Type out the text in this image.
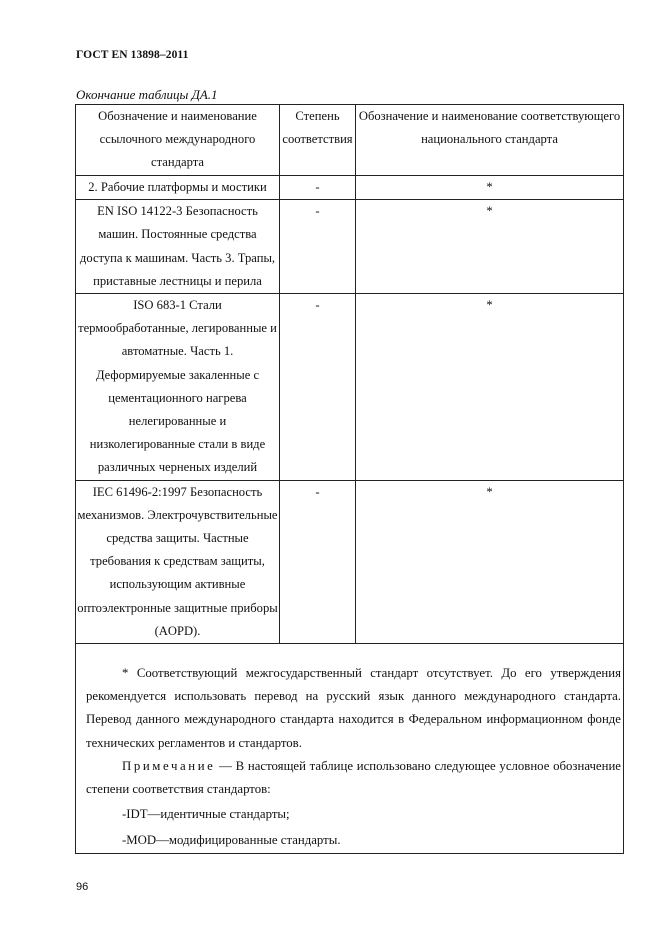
ГОСТ EN 13898–2011
Окончание таблицы ДА.1
Обозначение и наименование ссылочного международного стандарта	Степень соответствия	Обозначение и наименование соответствующего национального стандарта
2. Рабочие платформы и мостики	-	*
EN ISO 14122-3 Безопасность машин. Постоянные средства доступа к машинам. Часть 3. Трапы, приставные лестницы и перила	-	*
ISO 683-1 Стали термообработанные, легированные и автоматные. Часть 1. Деформируемые закаленные с цементационного нагрева нелегированные и низколегированные стали в виде различных черненых изделий	-	*
IEC 61496-2:1997 Безопасность механизмов. Электрочувствительные средства защиты. Частные требования к средствам защиты, использующим активные оптоэлектронные защитные приборы (AOPD).	-	*

* Соответствующий межгосударственный стандарт отсутствует. До его утверждения рекомендуется использовать перевод на русский язык данного международного стандарта. Перевод данного международного стандарта находится в Федеральном информационном фонде технических регламентов и стандартов.

Примечание — В настоящей таблице использовано следующее условное обозначение степени соответствия стандартов:

-IDT—идентичные стандарты;

-MOD—модифицированные стандарты.		

96
